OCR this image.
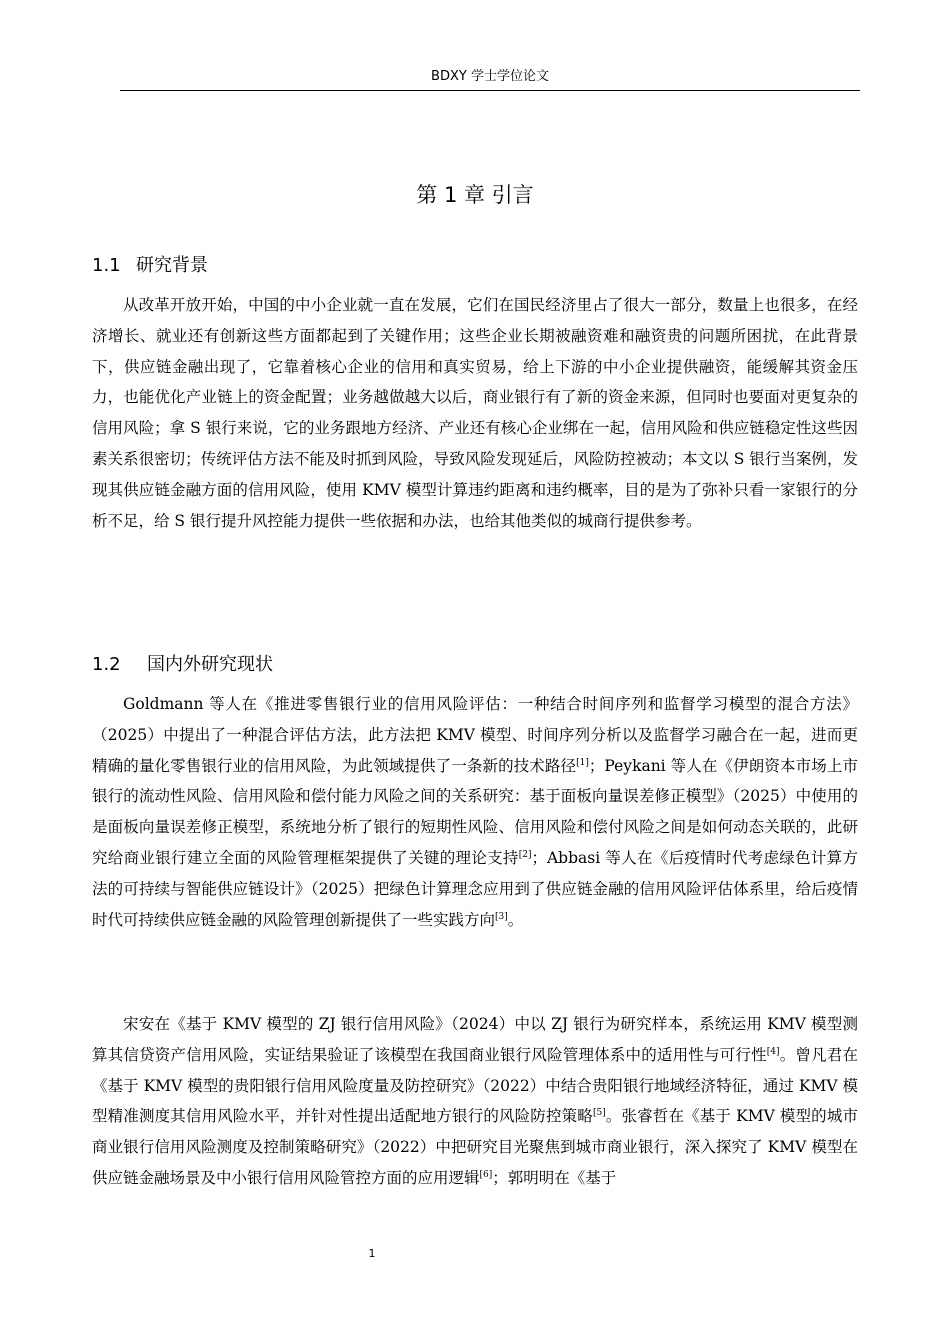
BDXY 学士学位论文
第 1 章 引言
1.1 研究背景

从改革开放开始，中国的中小企业就一直在发展，它们在国民经济里占了很大一部分，数量上也很多，在经济增长、就业还有创新这些方面都起到了关键作用；这些企业长期被融资难和融资贵的问题所困扰，在此背景下，供应链金融出现了，它靠着核心企业的信用和真实贸易，给上下游的中小企业提供融资，能缓解其资金压力，也能优化产业链上的资金配置；业务越做越大以后，商业银行有了新的资金来源，但同时也要面对更复杂的信用风险；拿 S 银行来说，它的业务跟地方经济、产业还有核心企业绑在一起，信用风险和供应链稳定性这些因素关系很密切；传统评估方法不能及时抓到风险，导致风险发现延后，风险防控被动；本文以 S 银行当案例，发现其供应链金融方面的信用风险，使用 KMV 模型计算违约距离和违约概率，目的是为了弥补只看一家银行的分析不足，给 S 银行提升风控能力提供一些依据和办法，也给其他类似的城商行提供参考。

1.2 国内外研究现状

Goldmann 等人在《推进零售银行业的信用风险评估：一种结合时间序列和监督学习模型的混合方法》（2025）中提出了一种混合评估方法，此方法把 KMV 模型、时间序列分析以及监督学习融合在一起，进而更精确的量化零售银行业的信用风险，为此领域提供了一条新的技术路径[1]；Peykani 等人在《伊朗资本市场上市银行的流动性风险、信用风险和偿付能力风险之间的关系研究：基于面板向量误差修正模型》（2025）中使用的是面板向量误差修正模型，系统地分析了银行的短期性风险、信用风险和偿付风险之间是如何动态关联的，此研究给商业银行建立全面的风险管理框架提供了关键的理论支持[2]；Abbasi 等人在《后疫情时代考虑绿色计算方法的可持续与智能供应链设计》（2025）把绿色计算理念应用到了供应链金融的信用风险评估体系里，给后疫情时代可持续供应链金融的风险管理创新提供了一些实践方向[3]。

宋安在《基于 KMV 模型的 ZJ 银行信用风险》（2024）中以 ZJ 银行为研究样本，系统运用 KMV 模型测算其信贷资产信用风险，实证结果验证了该模型在我国商业银行风险管理体系中的适用性与可行性[4]。曾凡君在《基于 KMV 模型的贵阳银行信用风险度量及防控研究》（2022）中结合贵阳银行地域经济特征，通过 KMV 模型精准测度其信用风险水平，并针对性提出适配地方银行的风险防控策略[5]。张睿哲在《基于 KMV 模型的城市商业银行信用风险测度及控制策略研究》（2022）中把研究目光聚焦到城市商业银行，深入探究了 KMV 模型在供应链金融场景及中小银行信用风险管控方面的应用逻辑[6]；郭明明在《基于

1
